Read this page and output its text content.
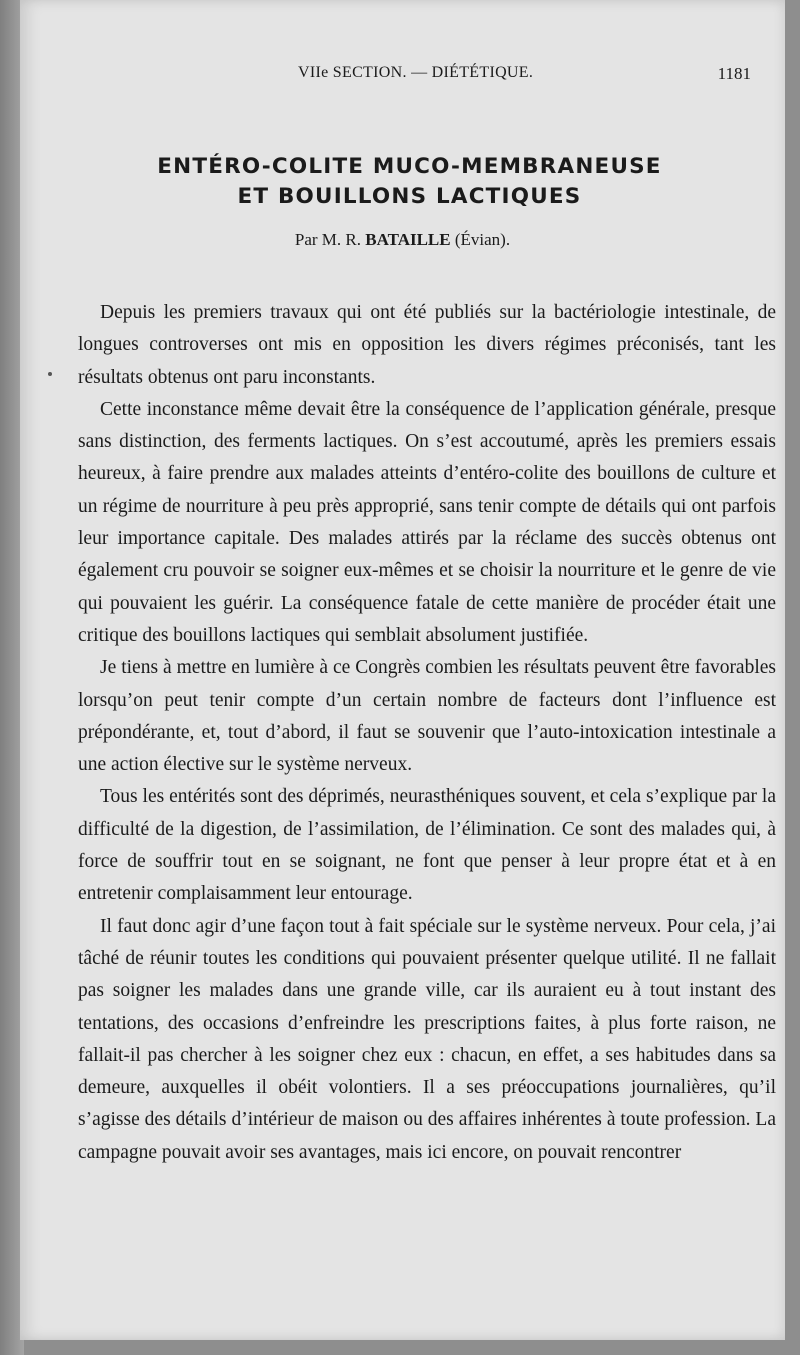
VIIe SECTION. — DIÉTÉTIQUE.	1181
ENTÉRO-COLITE MUCO-MEMBRANEUSE
ET BOUILLONS LACTIQUES
Par M. R. BATAILLE (Évian).

Depuis les premiers travaux qui ont été publiés sur la bactériologie intestinale, de longues controverses ont mis en opposition les divers régimes préconisés, tant les résultats obtenus ont paru inconstants.

Cette inconstance même devait être la conséquence de l’application générale, presque sans distinction, des ferments lactiques. On s’est accoutumé, après les premiers essais heureux, à faire prendre aux malades atteints d’entéro-colite des bouillons de culture et un régime de nourriture à peu près approprié, sans tenir compte de détails qui ont parfois leur importance capitale. Des malades attirés par la réclame des succès obtenus ont également cru pouvoir se soigner eux-mêmes et se choisir la nourriture et le genre de vie qui pouvaient les guérir. La conséquence fatale de cette manière de procéder était une critique des bouillons lactiques qui semblait absolument justifiée.

Je tiens à mettre en lumière à ce Congrès combien les résultats peuvent être favorables lorsqu’on peut tenir compte d’un certain nombre de facteurs dont l’influence est prépondérante, et, tout d’abord, il faut se souvenir que l’auto-intoxication intestinale a une action élective sur le système nerveux.

Tous les entérités sont des déprimés, neurasthéniques souvent, et cela s’explique par la difficulté de la digestion, de l’assimilation, de l’élimination. Ce sont des malades qui, à force de souffrir tout en se soignant, ne font que penser à leur propre état et à en entretenir complaisamment leur entourage.

Il faut donc agir d’une façon tout à fait spéciale sur le système nerveux. Pour cela, j’ai tâché de réunir toutes les conditions qui pouvaient présenter quelque utilité. Il ne fallait pas soigner les malades dans une grande ville, car ils auraient eu à tout instant des tentations, des occasions d’enfreindre les prescriptions faites, à plus forte raison, ne fallait-il pas chercher à les soigner chez eux : chacun, en effet, a ses habitudes dans sa demeure, auxquelles il obéit volontiers. Il a ses préoccupations journalières, qu’il s’agisse des détails d’intérieur de maison ou des affaires inhérentes à toute profession. La campagne pouvait avoir ses avantages, mais ici encore, on pouvait rencontrer
